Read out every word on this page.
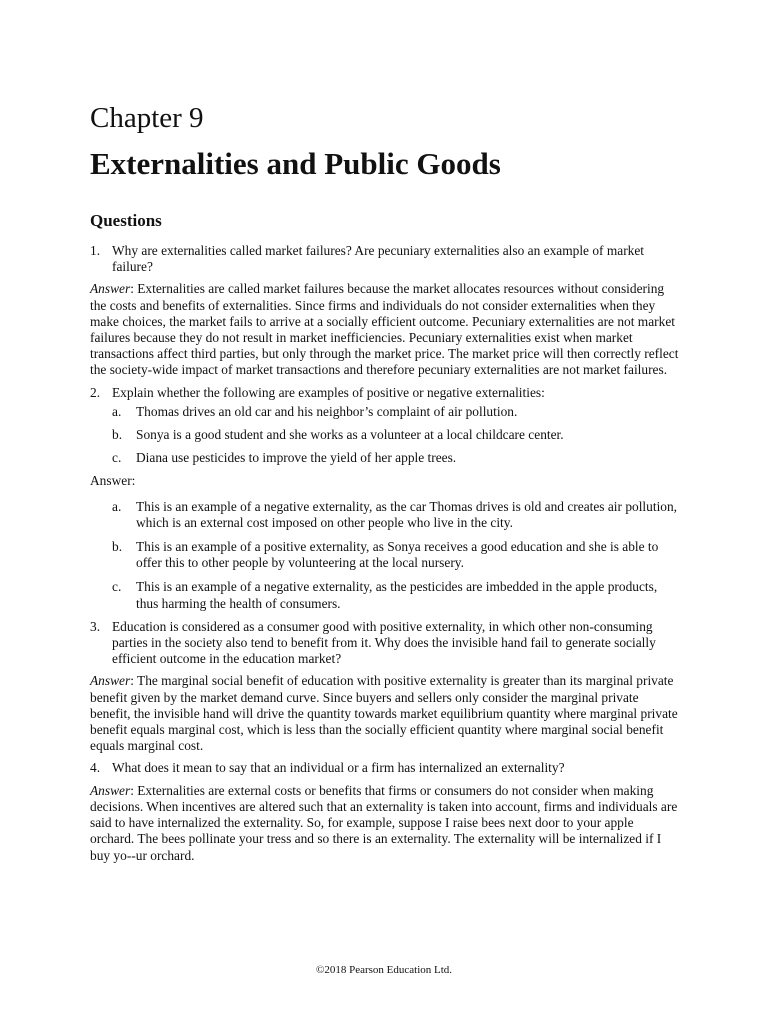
Chapter 9
Externalities and Public Goods
Questions
1. Why are externalities called market failures? Are pecuniary externalities also an example of market failure?

Answer: Externalities are called market failures because the market allocates resources without considering the costs and benefits of externalities. Since firms and individuals do not consider externalities when they make choices, the market fails to arrive at a socially efficient outcome. Pecuniary externalities are not market failures because they do not result in market inefficiencies. Pecuniary externalities exist when market transactions affect third parties, but only through the market price. The market price will then correctly reflect the society-wide impact of market transactions and therefore pecuniary externalities are not market failures.

2. Explain whether the following are examples of positive or negative externalities:
a.	Thomas drives an old car and his neighbor’s complaint of air pollution.
b.	Sonya is a good student and she works as a volunteer at a local childcare center.
c.	Diana use pesticides to improve the yield of her apple trees.

Answer:

a.	This is an example of a negative externality, as the car Thomas drives is old and creates air pollution, which is an external cost imposed on other people who live in the city.
b.	This is an example of a positive externality, as Sonya receives a good education and she is able to offer this to other people by volunteering at the local nursery.
c.	This is an example of a negative externality, as the pesticides are imbedded in the apple products, thus harming the health of consumers.
3. Education is considered as a consumer good with positive externality, in which other non-consuming parties in the society also tend to benefit from it. Why does the invisible hand fail to generate socially efficient outcome in the education market?

Answer: The marginal social benefit of education with positive externality is greater than its marginal private benefit given by the market demand curve. Since buyers and sellers only consider the marginal private benefit, the invisible hand will drive the quantity towards market equilibrium quantity where marginal private benefit equals marginal cost, which is less than the socially efficient quantity where marginal social benefit equals marginal cost.

4. What does it mean to say that an individual or a firm has internalized an externality?

Answer: Externalities are external costs or benefits that firms or consumers do not consider when making decisions. When incentives are altered such that an externality is taken into account, firms and individuals are said to have internalized the externality. So, for example, suppose I raise bees next door to your apple orchard. The bees pollinate your tress and so there is an externality. The externality will be internalized if I buy yo--ur orchard.

©2018 Pearson Education Ltd.
